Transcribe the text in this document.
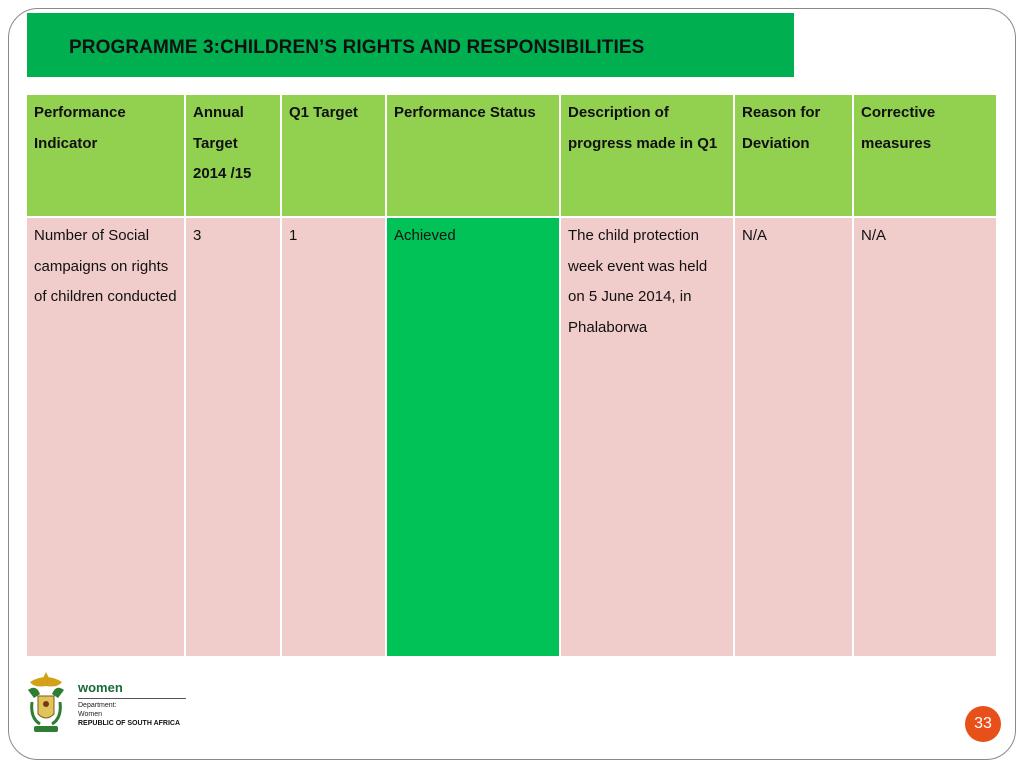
PROGRAMME 3:CHILDREN’S RIGHTS AND RESPONSIBILITIES
Performance Indicator	Annual Target 2014 /15	Q1 Target	Performance Status	Description of progress made in Q1	Reason for Deviation	Corrective measures
Number of Social campaigns on rights of children conducted	3	1	Achieved	The child protection week event was held on 5 June 2014, in Phalaborwa	N/A	N/A
women
Department:
Women
REPUBLIC OF SOUTH AFRICA	33
